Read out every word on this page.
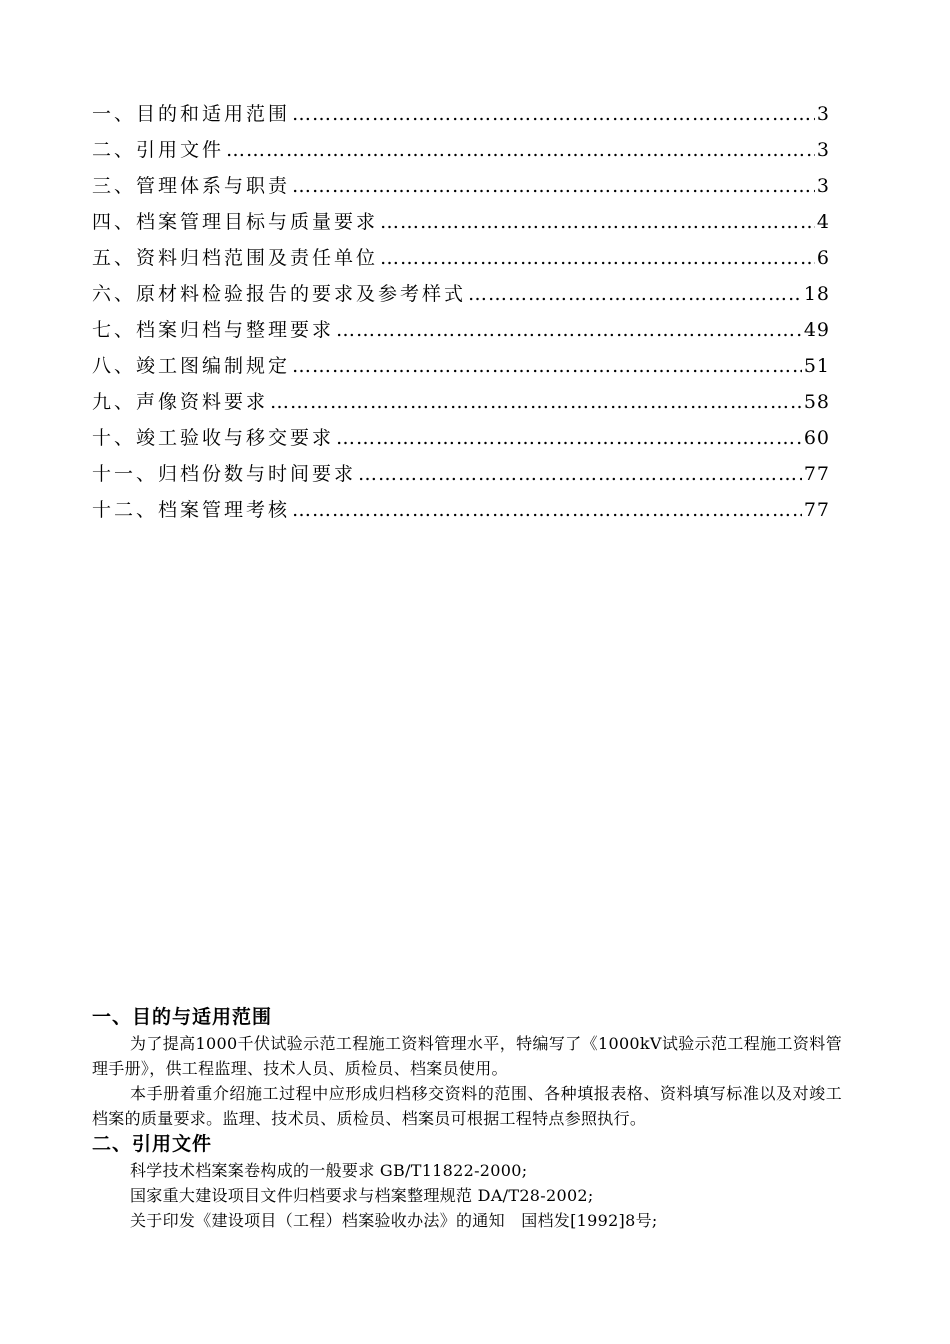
一、目的和适用范围 …………………………………………………………………………………………………………………………………………	3
二、引用文件 …………………………………………………………………………………………………………………………………………	3
三、管理体系与职责 …………………………………………………………………………………………………………………………………………	3
四、档案管理目标与质量要求 …………………………………………………………………………………………………………………………………………	4
五、资料归档范围及责任单位 …………………………………………………………………………………………………………………………………………	6
六、原材料检验报告的要求及参考样式 …………………………………………………………………………………………………………………………………………	18
七、档案归档与整理要求 …………………………………………………………………………………………………………………………………………	49
八、竣工图编制规定 …………………………………………………………………………………………………………………………………………	51
九、声像资料要求 …………………………………………………………………………………………………………………………………………	58
十、竣工验收与移交要求 …………………………………………………………………………………………………………………………………………	60
十一、归档份数与时间要求 …………………………………………………………………………………………………………………………………………	77
十二、档案管理考核 …………………………………………………………………………………………………………………………………………	77
一、目的与适用范围

为了提高1000千伏试验示范工程施工资料管理水平，特编写了《1000kV试验示范工程施工资料管理手册》，供工程监理、技术人员、质检员、档案员使用。

本手册着重介绍施工过程中应形成归档移交资料的范围、各种填报表格、资料填写标准以及对竣工档案的质量要求。监理、技术员、质检员、档案员可根据工程特点参照执行。

二、引用文件

科学技术档案案卷构成的一般要求 GB/T11822-2000;

国家重大建设项目文件归档要求与档案整理规范 DA/T28-2002;

关于印发《建设项目（工程）档案验收办法》的通知　国档发[1992]8号;
